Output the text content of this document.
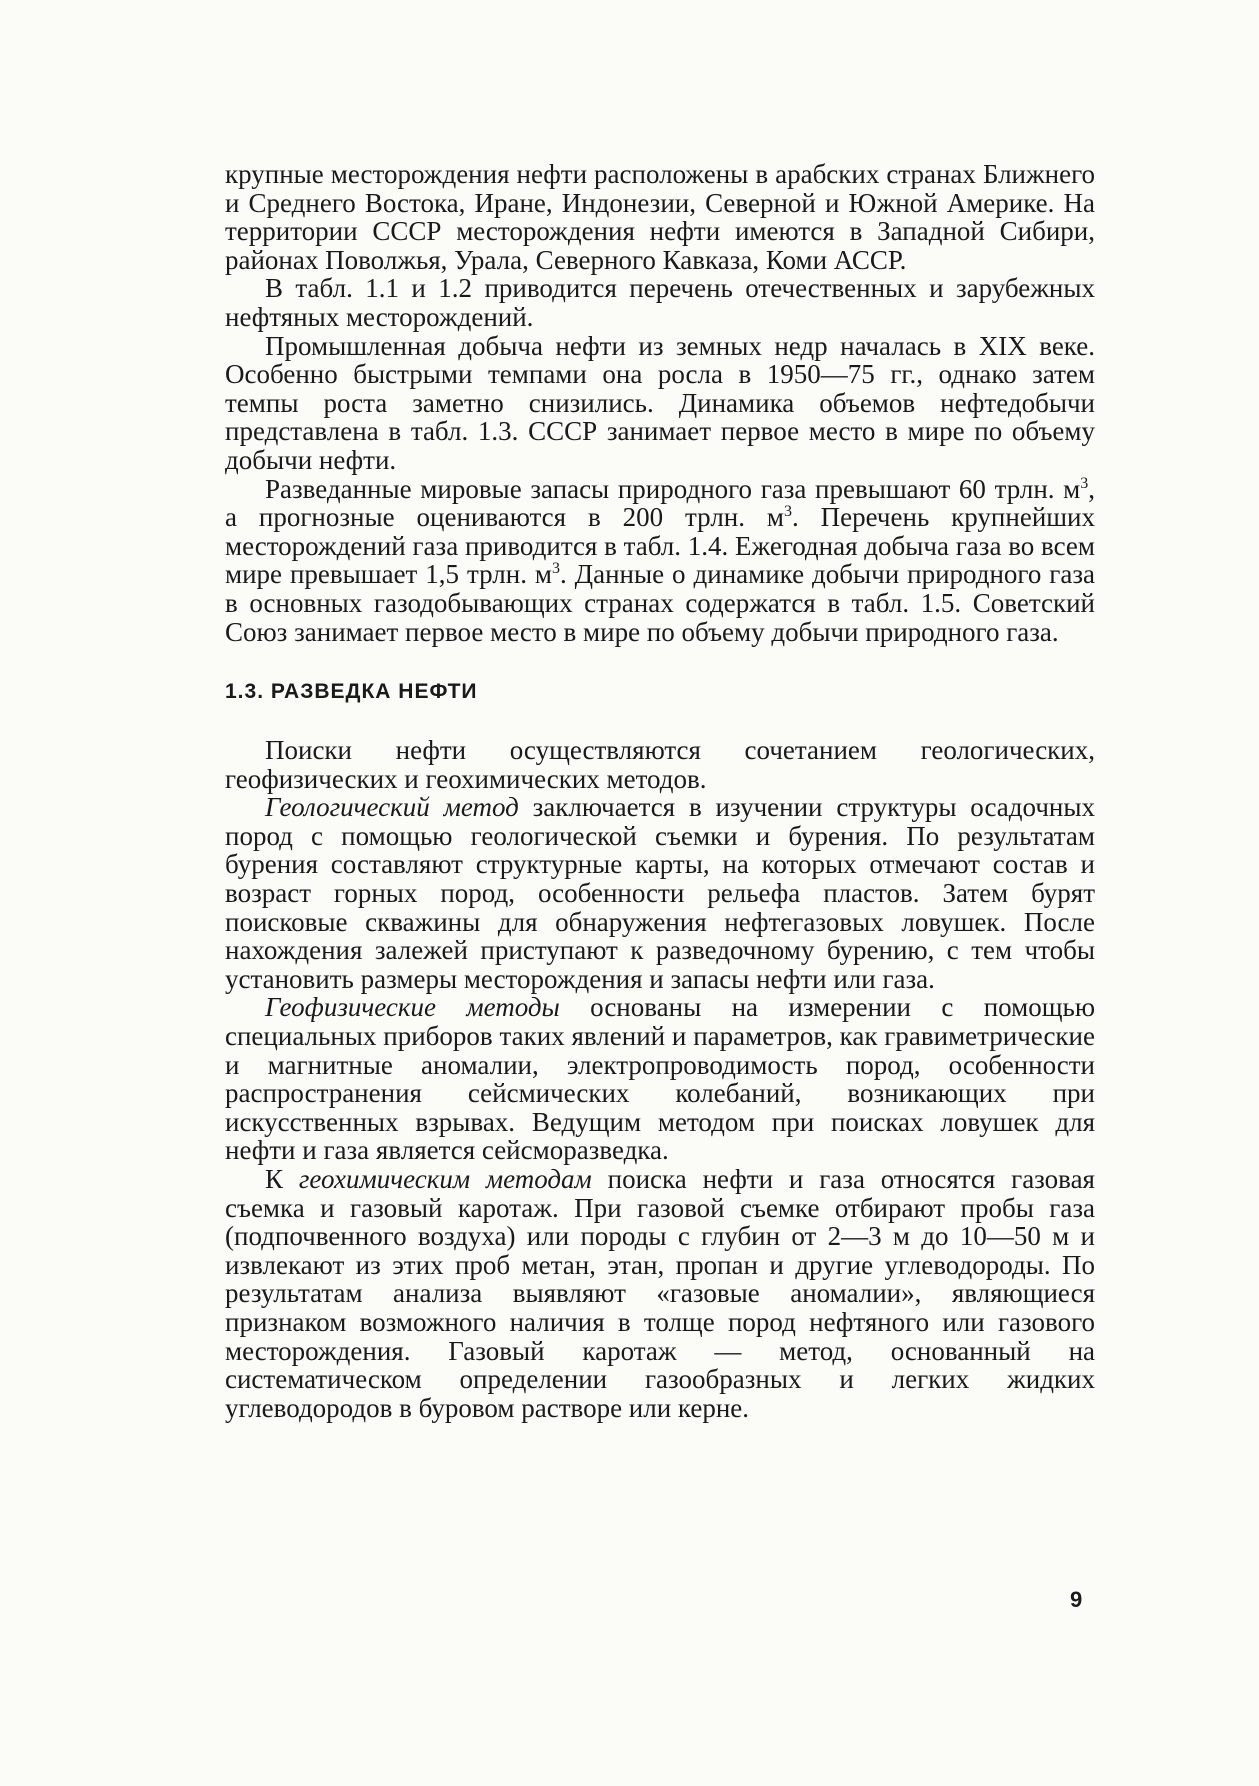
крупные месторождения нефти расположены в арабских странах Ближнего и Среднего Востока, Иране, Индонезии, Северной и Южной Америке. На территории СССР месторождения нефти имеются в Западной Сибири, районах Поволжья, Урала, Северного Кавказа, Коми АССР.

В табл. 1.1 и 1.2 приводится перечень отечественных и зарубежных нефтяных месторождений.

Промышленная добыча нефти из земных недр началась в XIX веке. Особенно быстрыми темпами она росла в 1950—75 гг., однако затем темпы роста заметно снизились. Динамика объемов нефтедобычи представлена в табл. 1.3. СССР занимает первое место в мире по объему добычи нефти.

Разведанные мировые запасы природного газа превышают 60 трлн. $м^3$, а прогнозные оцениваются в 200 трлн. $м^3$. Перечень крупнейших месторождений газа приводится в табл. 1.4. Ежегодная добыча газа во всем мире превышает 1,5 трлн. $м^3$. Данные о динамике добычи природного газа в основных газодобывающих странах содержатся в табл. 1.5. Советский Союз занимает первое место в мире по объему добычи природного газа.

1.3. РАЗВЕДКА НЕФТИ

Поиски нефти осуществляются сочетанием геологических, геофизических и геохимических методов.

Геологический метод заключается в изучении структуры осадочных пород с помощью геологической съемки и бурения. По результатам бурения составляют структурные карты, на которых отмечают состав и возраст горных пород, особенности рельефа пластов. Затем бурят поисковые скважины для обнаружения нефтегазовых ловушек. После нахождения залежей приступают к разведочному бурению, с тем чтобы установить размеры месторождения и запасы нефти или газа.

Геофизические методы основаны на измерении с помощью специальных приборов таких явлений и параметров, как гравиметрические и магнитные аномалии, электропроводимость пород, особенности распространения сейсмических колебаний, возникающих при искусственных взрывах. Ведущим методом при поисках ловушек для нефти и газа является сейсморазведка.

К геохимическим методам поиска нефти и газа относятся газовая съемка и газовый каротаж. При газовой съемке отбирают пробы газа (подпочвенного воздуха) или породы с глубин от 2—3 м до 10—50 м и извлекают из этих проб метан, этан, пропан и другие углеводороды. По результатам анализа выявляют «газовые аномалии», являющиеся признаком возможного наличия в толще пород нефтяного или газового месторождения. Газовый каротаж — метод, основанный на систематическом определении газообразных и легких жидких углеводородов в буровом растворе или керне.

9
